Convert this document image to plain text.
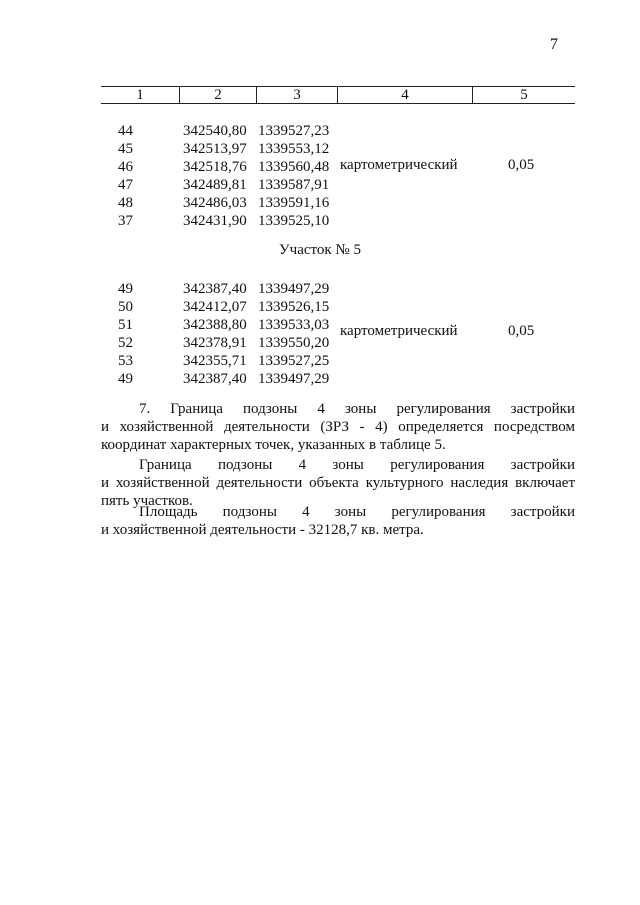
7
1	2	3	4	5
44	342540,80 1339527,23
45	342513,97 1339553,12
46	342518,76 1339560,48
47	342489,81 1339587,91
48	342486,03 1339591,16
37	342431,90 1339525,10
картометрический	0,05
Участок № 5
49	342387,40 1339497,29
50	342412,07 1339526,15
51	342388,80 1339533,03
52	342378,91 1339550,20
53	342355,71 1339527,25
49	342387,40 1339497,29
картометрический	0,05
7. Граница подзоны 4 зоны регулирования застройки
и хозяйственной деятельности (ЗРЗ - 4) определяется посредством
координат характерных точек, указанных в таблице 5.
Граница подзоны 4 зоны регулирования застройки
и хозяйственной деятельности объекта культурного наследия включает
пять участков.
Площадь подзоны 4 зоны регулирования застройки
и хозяйственной деятельности - 32128,7 кв. метра.
